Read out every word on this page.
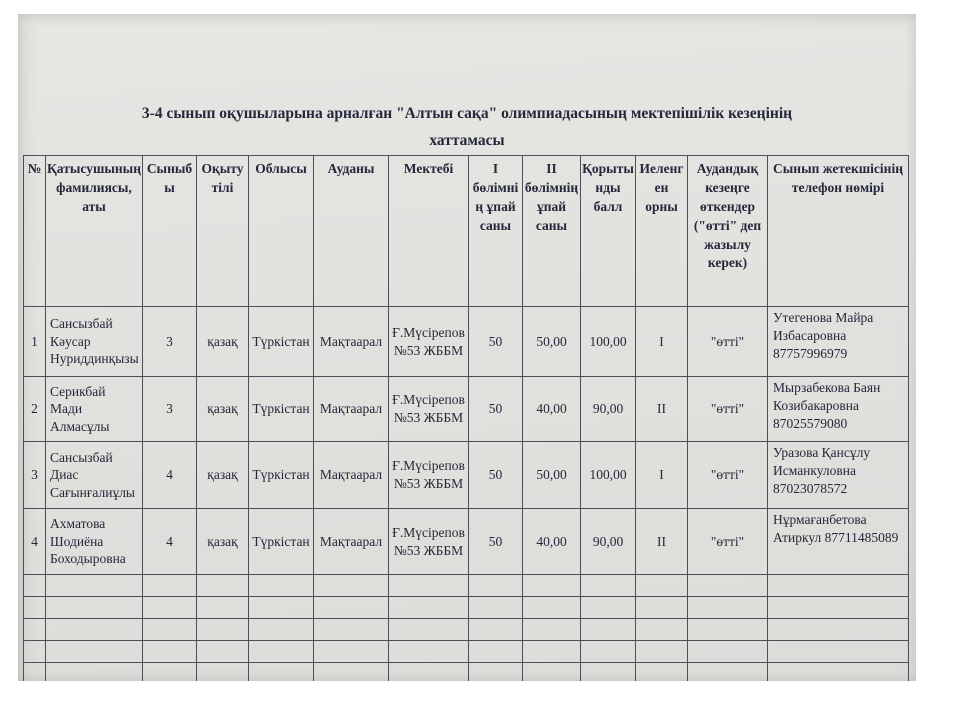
3-4 сынып оқушыларына арналған "Алтын сақа" олимпиадасының мектепішілік кезеңінің
хаттамасы
№	Қатысушының фамилиясы, аты	Сыныбы	Оқыту тілі	Облысы	Ауданы	Мектебі	I бөлімнің ұпай саны	II бөлімнің ұпай саны	Қорытынды балл	Иеленген орны	Аудандық кезеңге өткендер ("өтті" деп жазылу керек)	Сынып жетекшісінің телефон нөмірі
1	Сансызбай Кәусар Нуриддинқызы	3	қазақ	Түркістан	Мақтаарал	Ғ.Мүсірепов №53 ЖББМ	50	50,00	100,00	I	"өтті"	Утегенова Майра Избасаровна 87757996979
2	Серикбай Мади Алмасұлы	3	қазақ	Түркістан	Мақтаарал	Ғ.Мүсірепов №53 ЖББМ	50	40,00	90,00	II	"өтті"	Мырзабекова Баян Козибакаровна 87025579080
3	Сансызбай Диас Сағынғалиұлы	4	қазақ	Түркістан	Мақтаарал	Ғ.Мүсірепов №53 ЖББМ	50	50,00	100,00	I	"өтті"	Уразова Қансұлу Исманкуловна 87023078572
4	Ахматова Шодиёна Боходыровна	4	қазақ	Түркістан	Мақтаарал	Ғ.Мүсірепов №53 ЖББМ	50	40,00	90,00	II	"өтті"	Нұрмағанбетова Атиркул 87711485089
